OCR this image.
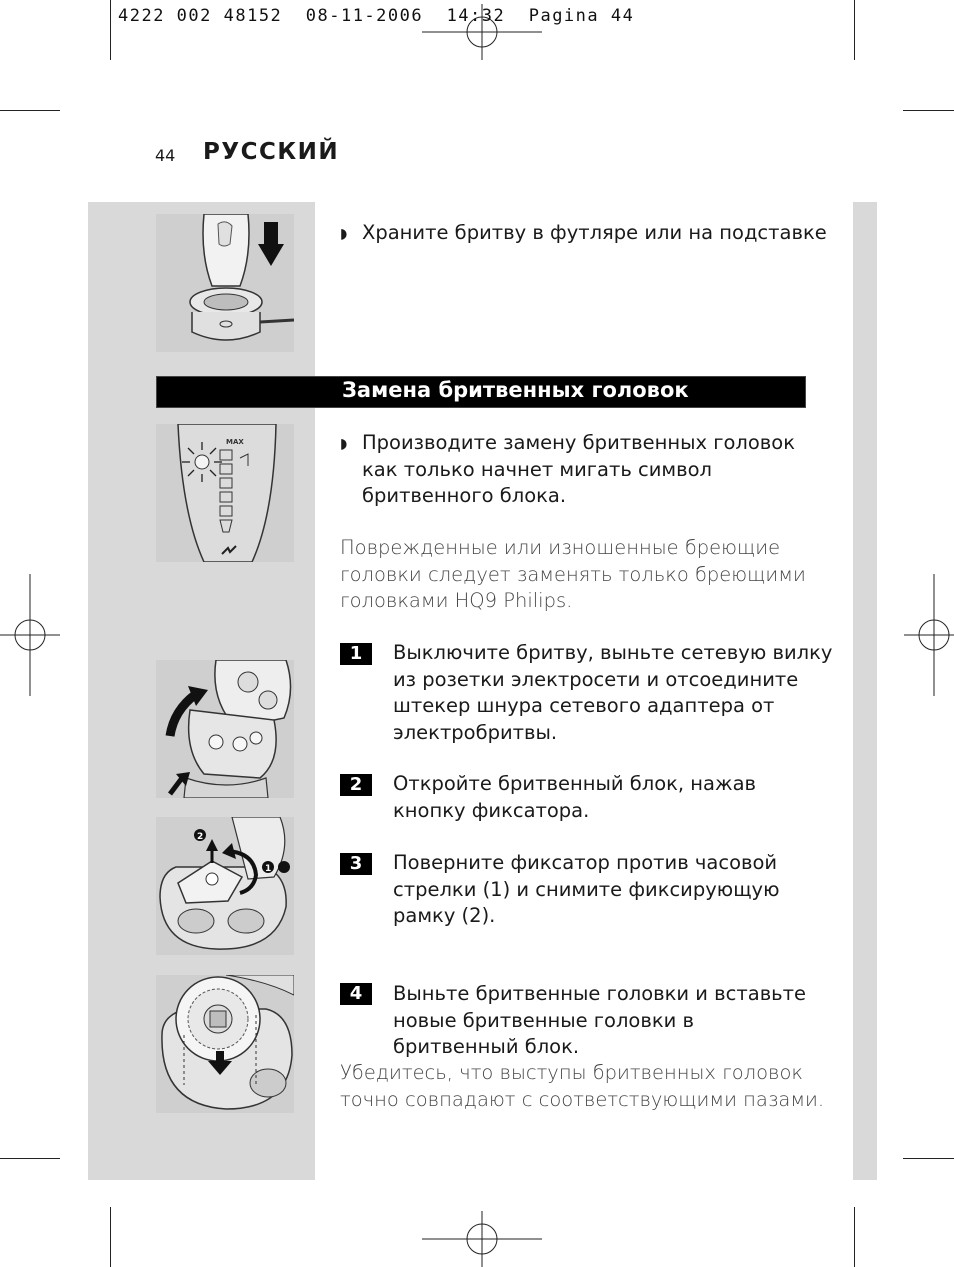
4222 002 48152  08-11-2006  14:32  Pagina 44
44 РУССКИЙ
◗ Храните бритву в футляре или на подставке
Замена бритвенных головок
MAX	◗ Производите замену бритвенных головок
как только начнет мигать символ
бритвенного блока.
Поврежденные или изношенные бреющие
головки следует заменять только бреющими
головками HQ9 Philips.
1	Выключите бритву, выньте сетевую вилку
из розетки электросети и отсоедините
штекер шнура сетевого адаптера от
электробритвы.
2	Откройте бритвенный блок, нажав
кнопку фиксатора.
2
1	3	Поверните фиксатор против часовой
стрелки (1) и снимите фиксирующую
рамку (2).
4	Выньте бритвенные головки и вставьте
новые бритвенные головки в
бритвенный блок.
Убедитесь, что выступы бритвенных головок
точно совпадают с соответствующими пазами.
